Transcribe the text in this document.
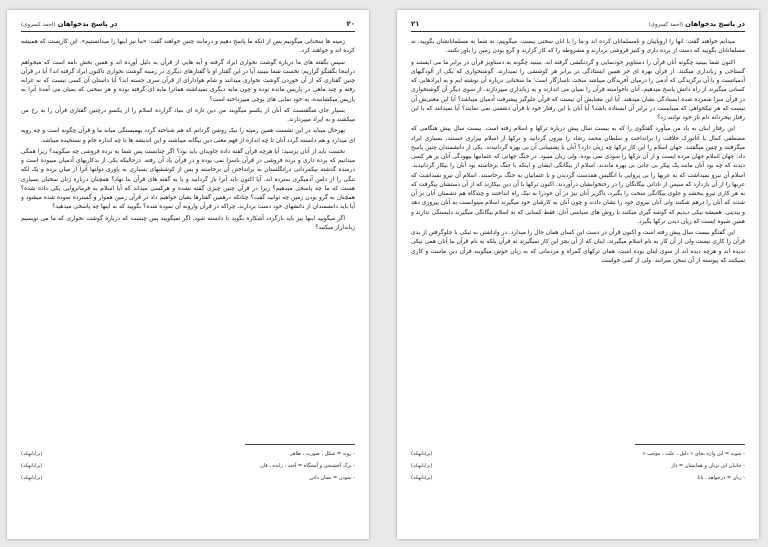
۲۰
در پاسخ بدخواهان (احمد کسروی)

زمینه ها سخنانی میگوییم پس از آنکه ما پاسخ دهیم و درمانند چنین خواهند گفت: «ما نیز اینها را میدانستیم». این کاریست که همیشه کرده اند و خواهند کرد.

سپس بگفته های ما درباره گوشت نخواری ایراد گرفته و آیه هایی از قرآن به دلیل آورده اند و همین بخش نامه است که میخواهم دراینجا بگفتگو گزاریم: نخست شما ببینید آیا در این گفتار او با گفتارهای دیگری در زمینه گوشت نخواری تاکنون ایراد گرفته اند؟ آیا در قرآن چنین گفتاری که از آن خوردن گوشت نخواری میدانند و شام هوادارای از قرآن سری جسته اند؟ آیا داستان آن کسی نیست که به غرابه رفته و چند ماهی در پاریس مانده بوده و چون مایه دیگری نمیداشته همانرا مایه ای گرفته بوده و هر سخنی که بمیان می آمده آنرا به پاریس میکشانیده، به خود نمایی های پوچی میپرداخته است؟

بسیار جای شگفتست که آنان از یکسو میگویند من دین تازه ای بنیاد گزارده اسلام را از یکسو درچنین گفتاری قرآن را به رخ من میکشند و به ایراد میپردازند.

بهرحال میباید در این نشست همین زمینه را نیک روشن گردانم که هم شناخته گردد بهمبستگی میانه ما و قرآن چگونه است و چه رویه ای میدارد و هم دانسته گردد آنان تا چه اندازه از فهم معنی دین بیگانه میباشند و این اندیشه ها تا چه اندازه خام و نسنجیده میباشد.

نخست باید از آنان پرسید: آیا هرچه قرآن گفته داده جاویدان باید بود؟ اگر چنانست پس شما به برده فروشی چه میگویید؟ زیرا همگی میدانیم که برده داری و برده فروشی در قرآن ناسزا نمی بوده و در قرآن یاد آن رفته. درحالیکه یکی از بدکاریهای آدمیان میبوده است و درسده گذشته نیکمردانی درانگلستان به برانداختن آن برخاسته و پس از کوششهای بسیاری به یاوری دولتها آنرا از میان برده و یک لکه ننگی را از دامن آدمیگری سترده اند. آیا اکنون باید آنرا باز گردانید و یا به گفته های قرآن بنا نهاد؟ همچنان درباره زنان سخنان بسیاری هست که ما چه پاسخی میدهیم؟ زیرا در قرآن چنین چیزی گفته نشده و هرکسی میداند که آیا اسلام به فرمانروایی یکی داده شده؟ همچنان به گرو بودن زمین چه توانید گفت؟ چنانکه درهمین گفتارها نشان خواهیم داد در قرآن زمین هموار و گسترده نموده شده میشود و آیا باید دانشمندان از دانشهای خود دست بردارند، چراکه در قرآن وارونه آن نموده شده؟ بگویید که به اینها چه پاسخی میدهید؟

اگر میگویید اینها نیز باید بازگردد آشکاره بگوید تا دانسته شود. اگر نمیگویید پس چیست که درباره گوشت نخواری که ما می نویسیم زبانداراز میکنید؟

- رویه = شکل ، صورت ، ظاهر
(پرایانهکه)
- برگ آخشیجی و آتشگاه = آخته ، رانده ، فان
(پرایانهکه)
- نمودن = نشان دادن
(پرایانهکه)
در پاسخ بدخواهان (احمد کسروی)
۲۱

میدانم خواهند گفت: آنها را اروپاییان و نامسلمانان کرده اند و ما را با آنان سخنی نیست. میگوییم: نه شما به مسلمانانشان بگویید. نه مسلمانانان بگویید که دست از برده داری و کنیز فروشی بردارند و مشروطه را که کار گزارند و گرو بودن زمین را باور نکنند.

اکنون شما ببینید چگونه آنان قرآن را دستاویز خودنمایی و گردنکشی گرفته اند. ببینید چگونه به دستاویز قرآن در برابر ما می ایستند و گستاخی و زبانداری میکنند. از قرآن بهره ای جز همین ایستادگی در برابر هر کوششی را نمیدارند. گوشتخواری که یکی از آلودگیهای آدمیانست و با آن برگزیدگی که آدمی را درمیان آفریدگان میباشد سخت ناسازگار است؛ ما سخنانی درباره آن نوشته ایم و به ایرادهایی که کسانی میگیرند از راه دانش پاسخ میدهیم، آنان ناخواسته قرآن را بمیان می اندازند و به زبانداری میپردازند. از سوی دیگر آن گوشتخواری در قرآن سزا شمرده شده ایستادگی نشان میدهند. آیا این معنایش آن نیست که قرآن جلوگیر پیشرفت آدمیان میباشد؟ آیا این معنی‌ش آن نیست که هر نیکخواهی که میبایست در برابر آن ایستاده باشد؟ آیا آنان با این رفتار خود با قرآن دشمنی نمی نمایند؟ آیا نمیدانند که با این رفتار بیخردانه دام تاز خود توانند زد؟

این رفتار اینان به یاد من میآورد گفتگوی را که به بیست سال پیش درباره ترکها و اسلام رفته است. بیست سال پیش هنگامی که مصطفی کمال یا آتاتورک خلافت را برانداخت و سلطان محمد رشاد را بیرون گردانید و ترکها از اسلام بیزاری جستند، بسیاری ایراد میگرفتند و چنین میگفتند: جهان اسلام را این کار ترکها چه زیان دارد؟ آنان با پشتیبانی آن بی بهره گردانیدند. یکی از دانشمندان چنین پاسخ داد: جهان اسلام جهان مرده ایست و از آن ترکها را سودی نمی بوده. ولی زیان میبود. در جنگ جهانی که عثمانیها بیهودگی آنان بر هر کسی دیدند که چه بود آنان مانند یک پیکر بی جانی بی بهره ماندند. اسلام از بیگانگی ایشان و اینکه با جنگ برخاسته بود آنان را بیکار گردانیدند. اسلام آن نیرو نمیداشت که به عربها را بی پروایی با انگلیس همدست گردیدن و با عثمانیان به جنگ برخاستند. اسلام آن نیرو نمیداشت که عربها را از آن بازدارد که سپس از نادانی بیگانگان را در رختخوابشان درآوردند. اکنون ترکها با آن دین بیکارند که از آن دستشان بیگرفت که به هر کاری نیرو ببخشد و جلوی بیگانگی سخت را بگیرد، ناگزیر آنان نیز در آن خودرا به نیک راه انداختند و چندگاه هم دشمنان آنان بر آن شدند که آنان را درهم شکنند ولی آنان نیروی خود را نشان دادند و چون آنان به کارشان خود میگیرند اسلام میتوانست به آنان پیروزی دهد و بیدینی. همیشه نیکی دیدیم که گوشه گیری میکنند با روش های سیاسی آنان. فقط کسانی که به اسلام بیگانگی میگیرند دلبستگی ندارند و همین شیوه ایست که زیان دیدن ترکها بگیرد.

این گفتگو بیست سال پیش رفته است و اکنون قرآن در دست این کسان همان حال را میدارد. در واداشتن به نیکی با جلوگرفتن از بدی قرآن را کاری نیست ولی از آن کار به نام اسلام میگیرند. اینان که از آن بجز این کار نمیگیرند نه قرآن بلکه به نام قرآن ما آنان همی نیکی ندیده اند و هرچه دیده اند از سوی اینان بوده است. همان ترکهای گمراه و مردمانی که به زبان خوش میگویند قرآن دین ماست و کاری نمیکنند که پیوسته از آن سخن میرانند. ولی از کمی خواست

- شوند = این واژه بجای « دلیل ، علت ، موجب »
(پرایانهکه)
- جانیان این نرنان و همایشان = داژ
(پرایانهکه)
- زبان = درخواهد ، بانا
(پرایانهکه)
